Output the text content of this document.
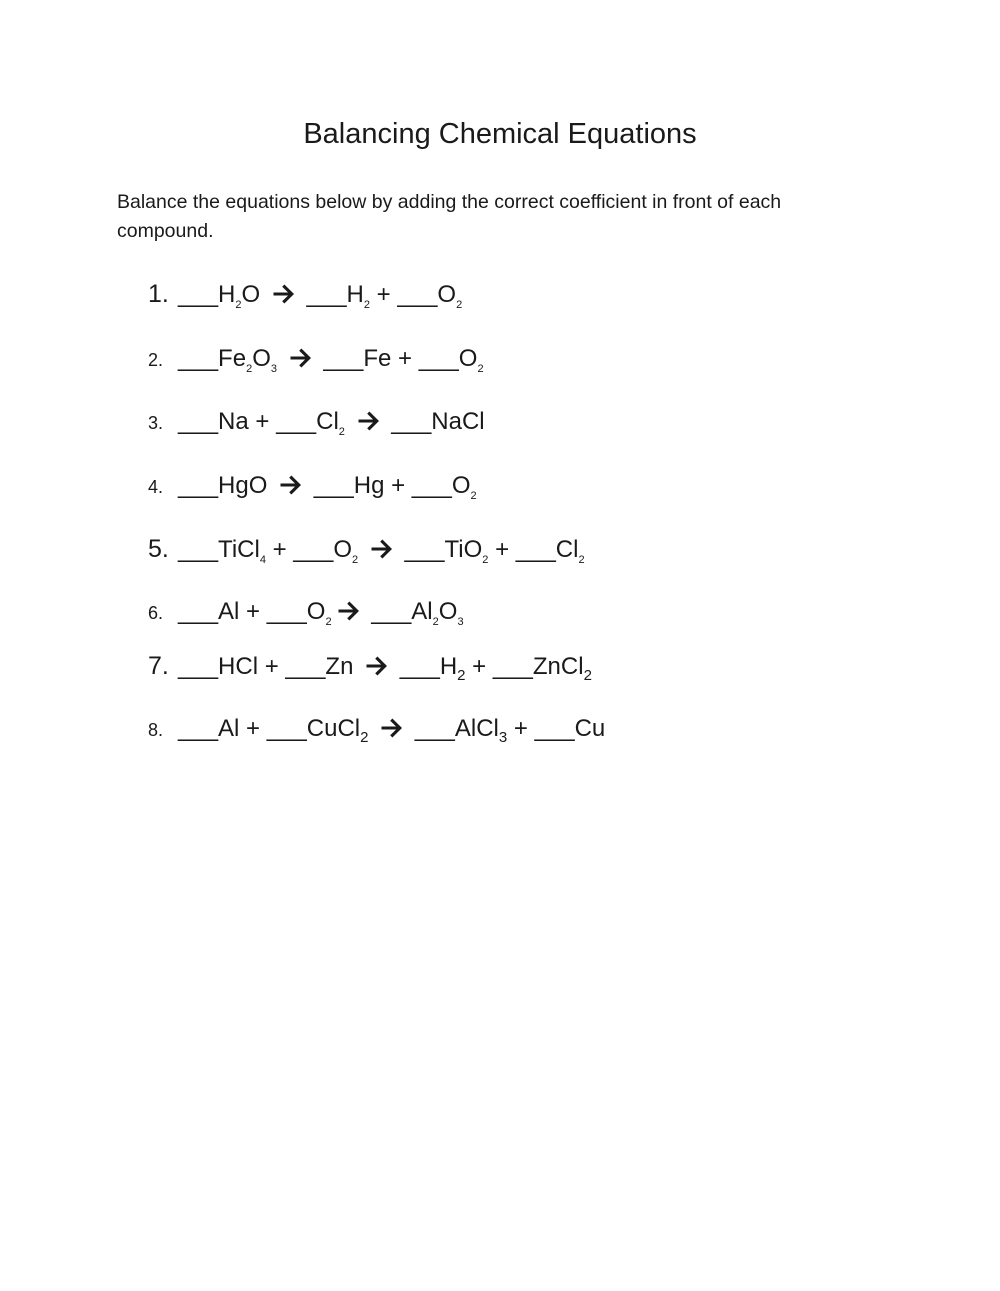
Balancing Chemical Equations
Balance the equations below by adding the correct coefficient in front of each compound.
1. $\_\_\_H_2O$
$\_\_\_H_2$ + $\_\_\_O_2$
2. $\_\_\_Fe_2O_3$
___Fe + $\_\_\_O_2$
3. ___Na + $\_\_\_Cl_2$
___NaCl
4. ___HgO
___Hg + $\_\_\_O_2$
5. ___TiCl$_4$ + $\_\_\_O_2$
___TiO$_2$ + $\_\_\_Cl_2$
6. ___Al + $\_\_\_O_2$
$\_\_\_Al_2O_3$
7. ___HCl + ___Zn
$\_\_\_H_2$ + ___ZnCl$_2$
8. ___Al + ___CuCl$_2$
___AlCl$_3$ + ___Cu
